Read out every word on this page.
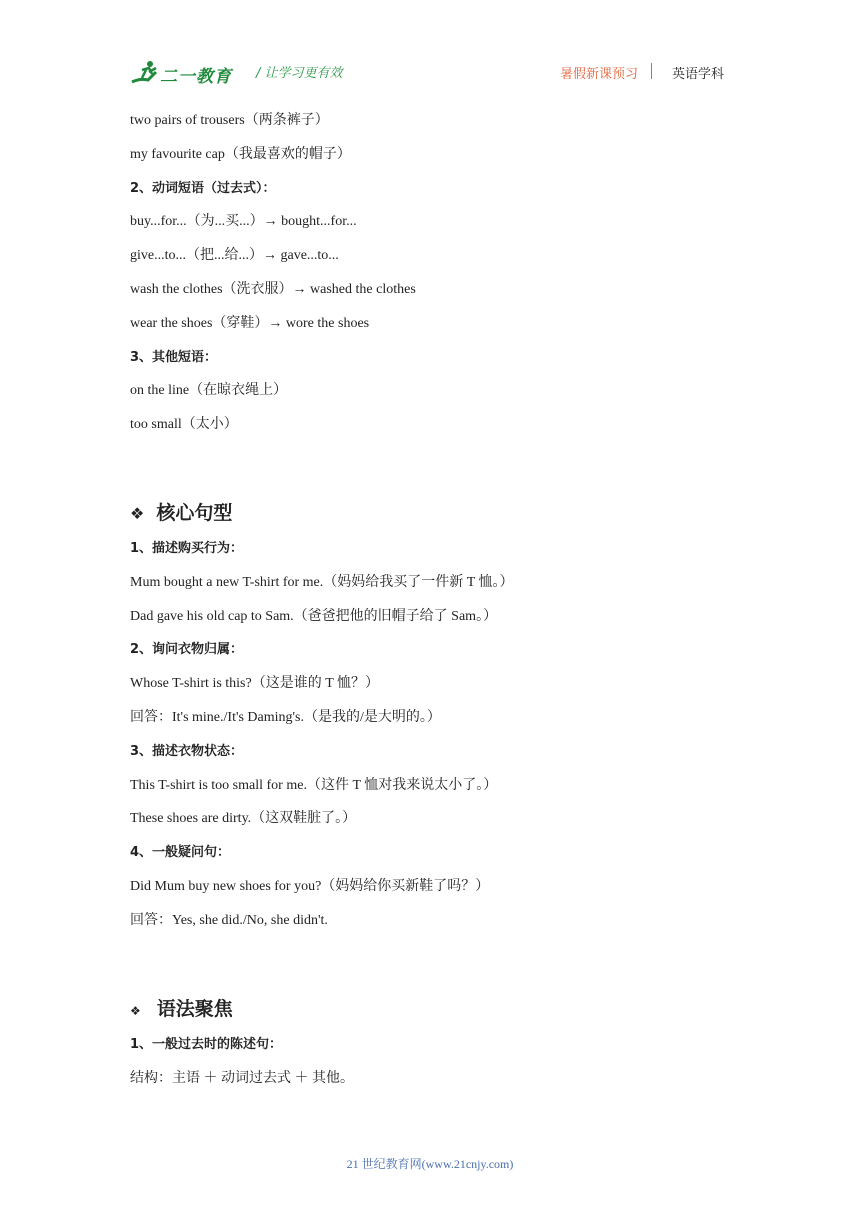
二一教育 / 让学习更有效	暑假新课预习	英语学科
two pairs of trousers（两条裤子）
my favourite cap（我最喜欢的帽子）
2、动词短语（过去式）：
buy...for...（为...买...）→ bought...for...
give...to...（把...给...）→ gave...to...
wash the clothes（洗衣服）→ washed the clothes
wear the shoes（穿鞋）→ wore the shoes
3、其他短语：
on the line（在晾衣绳上）
too small（太小）
1、描述购买行为：
Mum bought a new T-shirt for me.（妈妈给我买了一件新 T 恤。）
Dad gave his old cap to Sam.（爸爸把他的旧帽子给了 Sam。）
2、询问衣物归属：
Whose T-shirt is this?（这是谁的 T 恤？）
回答：It's mine./It's Daming's.（是我的/是大明的。）
3、描述衣物状态：
This T-shirt is too small for me.（这件 T 恤对我来说太小了。）
These shoes are dirty.（这双鞋脏了。）
4、一般疑问句：
Did Mum buy new shoes for you?（妈妈给你买新鞋了吗？）
回答：Yes, she did./No, she didn't.
1、一般过去时的陈述句：
结构：主语 ＋ 动词过去式 ＋ 其他。
❖ 核心句型
❖ 语法聚焦
21 世纪教育网(www.21cnjy.com)
